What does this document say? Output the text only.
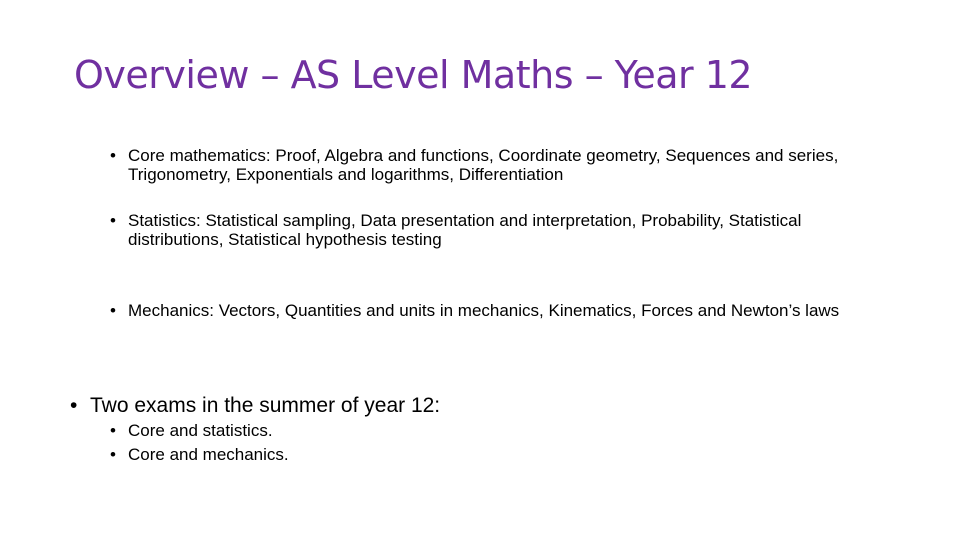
Overview – AS Level Maths – Year 12
• Core mathematics: Proof, Algebra and functions, Coordinate geometry, Sequences and series, Trigonometry, Exponentials and logarithms, Differentiation
• Statistics: Statistical sampling, Data presentation and interpretation, Probability, Statistical distributions, Statistical hypothesis testing
• Mechanics: Vectors, Quantities and units in mechanics, Kinematics, Forces and Newton’s laws
• Two exams in the summer of year 12:
• Core and statistics.
• Core and mechanics.
